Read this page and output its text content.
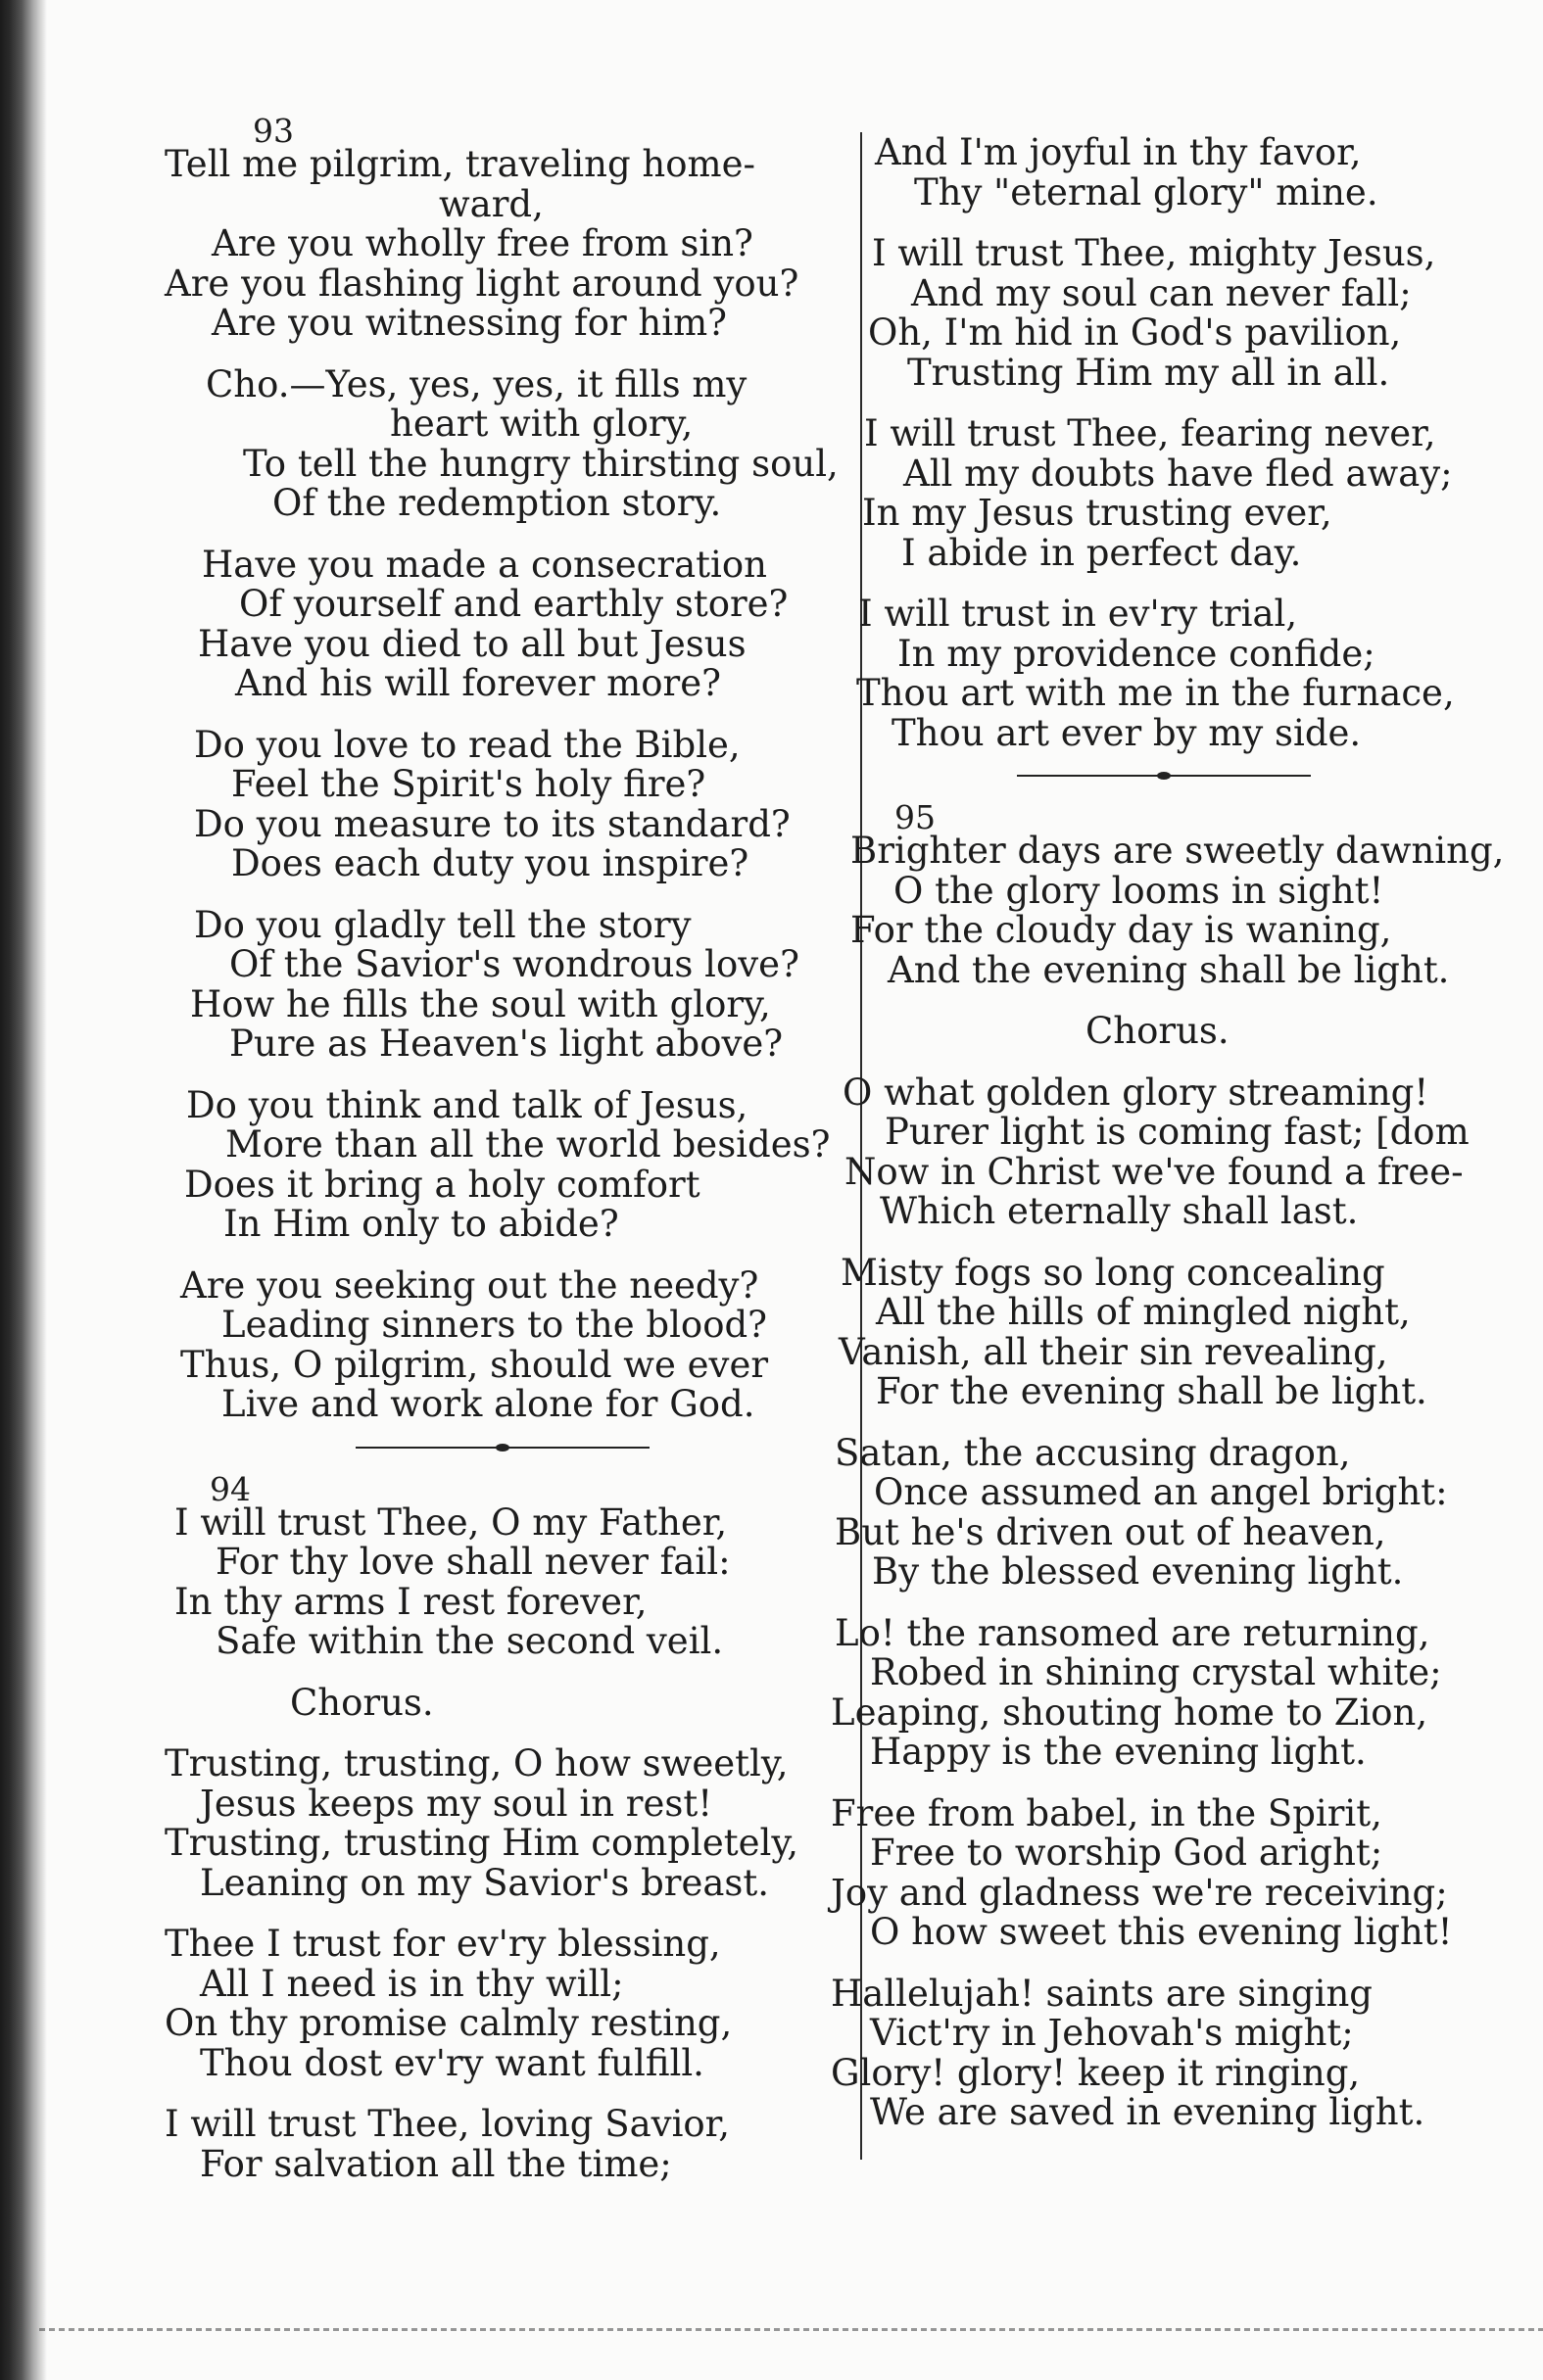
93
Tell me pilgrim, traveling home-
ward,
Are you wholly free from sin?
Are you flashing light around you?
Are you witnessing for him?
Cho.—Yes, yes, yes, it fills my
heart with glory,
To tell the hungry thirsting soul,
Of the redemption story.
Have you made a consecration
Of yourself and earthly store?
Have you died to all but Jesus
And his will forever more?
Do you love to read the Bible,
Feel the Spirit's holy fire?
Do you measure to its standard?
Does each duty you inspire?
Do you gladly tell the story
Of the Savior's wondrous love?
How he fills the soul with glory,
Pure as Heaven's light above?
Do you think and talk of Jesus,
More than all the world besides?
Does it bring a holy comfort
In Him only to abide?
Are you seeking out the needy?
Leading sinners to the blood?
Thus, O pilgrim, should we ever
Live and work alone for God.
94
I will trust Thee, O my Father,
For thy love shall never fail:
In thy arms I rest forever,
Safe within the second veil.
Chorus.
Trusting, trusting, O how sweetly,
Jesus keeps my soul in rest!
Trusting, trusting Him completely,
Leaning on my Savior's breast.
Thee I trust for ev'ry blessing,
All I need is in thy will;
On thy promise calmly resting,
Thou dost ev'ry want fulfill.
I will trust Thee, loving Savior,
For salvation all the time;
And I'm joyful in thy favor,
Thy "eternal glory" mine.
I will trust Thee, mighty Jesus,
And my soul can never fall;
Oh, I'm hid in God's pavilion,
Trusting Him my all in all.
I will trust Thee, fearing never,
All my doubts have fled away;
In my Jesus trusting ever,
I abide in perfect day.
I will trust in ev'ry trial,
In my providence confide;
Thou art with me in the furnace,
Thou art ever by my side.
95
Brighter days are sweetly dawning,
O the glory looms in sight!
For the cloudy day is waning,
And the evening shall be light.
Chorus.
O what golden glory streaming!
Purer light is coming fast; [dom
Now in Christ we've found a free-
Which eternally shall last.
Misty fogs so long concealing
All the hills of mingled night,
Vanish, all their sin revealing,
For the evening shall be light.
Satan, the accusing dragon,
Once assumed an angel bright:
But he's driven out of heaven,
By the blessed evening light.
Lo! the ransomed are returning,
Robed in shining crystal white;
Leaping, shouting home to Zion,
Happy is the evening light.
Free from babel, in the Spirit,
Free to worship God aright;
Joy and gladness we're receiving;
O how sweet this evening light!
Hallelujah! saints are singing
Vict'ry in Jehovah's might;
Glory! glory! keep it ringing,
We are saved in evening light.
